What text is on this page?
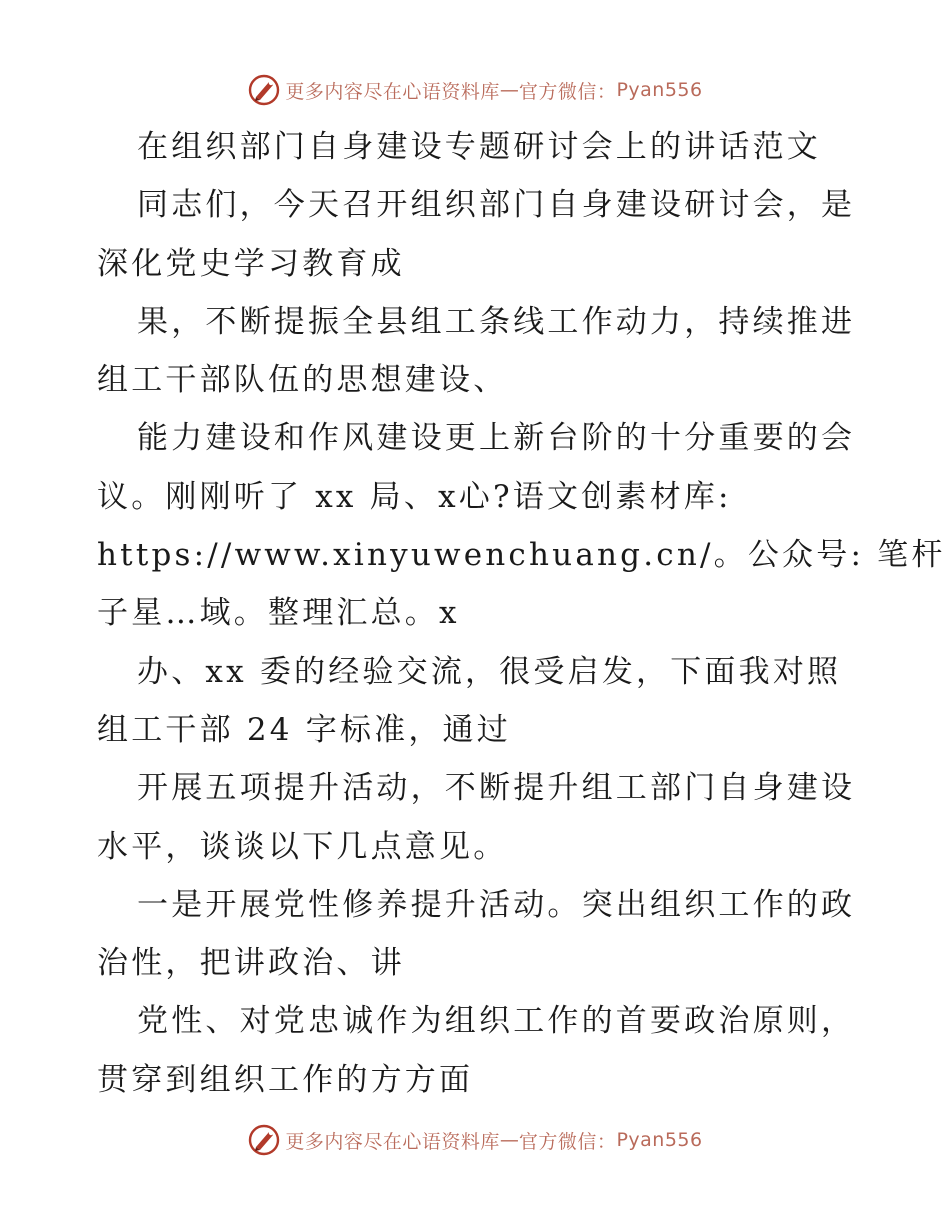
更多内容尽在心语资料库 — 官方微信： Pyan556
在组织部门自身建设专题研讨会上的讲话范文
同志们，今天召开组织部门自身建设研讨会，是
深化党史学习教育成
果，不断提振全县组工条线工作动力，持续推进
组工干部队伍的思想建设、
能力建设和作风建设更上新台阶的十分重要的会
议。刚刚听了 xx 局、x心?语文创素材库:
https://www.xinyuwenchuang.cn/。公众号: 笔杆
子星…域。整理汇总。x
办、xx 委的经验交流，很受启发，下面我对照
组工干部 24 字标准，通过
开展五项提升活动，不断提升组工部门自身建设
水平，谈谈以下几点意见。
一是开展党性修养提升活动。突出组织工作的政
治性，把讲政治、讲
党性、对党忠诚作为组织工作的首要政治原则，
贯穿到组织工作的方方面
更多内容尽在心语资料库 — 官方微信： Pyan556
